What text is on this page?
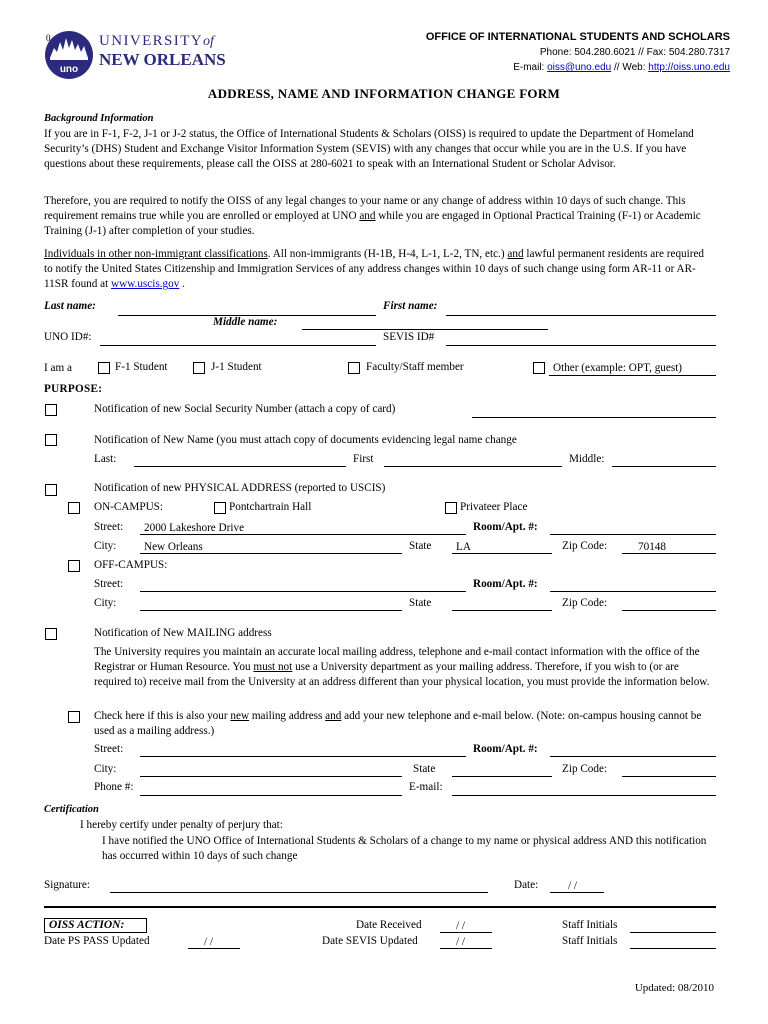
0
uno
UNIVERSITYof
NEW ORLEANS
OFFICE OF INTERNATIONAL STUDENTS AND SCHOLARS
Phone: 504.280.6021 // Fax: 504.280.7317
E-mail: oiss@uno.edu // Web: http://oiss.uno.edu
ADDRESS, NAME AND INFORMATION CHANGE FORM
Background Information
If you are in F-1, F-2, J-1 or J-2 status, the Office of International Students & Scholars (OISS) is required to update the Department of Homeland Security’s (DHS) Student and Exchange Visitor Information System (SEVIS) with any changes that occur while you are in the U.S. If you have questions about these requirements, please call the OISS at 280-6021 to speak with an International Student or Scholar Advisor.
Therefore, you are required to notify the OISS of any legal changes to your name or any change of address within 10 days of such change. This requirement remains true while you are enrolled or employed at UNO and while you are engaged in Optional Practical Training (F-1) or Academic Training (J-1) after completion of your studies.
Individuals in other non-immigrant classifications. All non-immigrants (H-1B, H-4, L-1, L-2, TN, etc.) and lawful permanent residents are required to notify the United States Citizenship and Immigration Services of any address changes within 10 days of such change using form AR-11 or AR-11SR found at www.uscis.gov .
Last name:	First name:
Middle name:
UNO ID#:	SEVIS ID#
I am a	F-1 Student	J-1 Student	Faculty/Staff member	Other (example: OPT, guest)
PURPOSE:
Notification of new Social Security Number (attach a copy of card)
Notification of New Name (you must attach copy of documents evidencing legal name change
Last:	First	Middle:
Notification of new PHYSICAL ADDRESS (reported to USCIS)
ON-CAMPUS:	Pontchartrain Hall	Privateer Place
Street:	2000 Lakeshore Drive	Room/Apt. #:
City:	New Orleans	State	LA	Zip Code:	70148
OFF-CAMPUS:
Street:	Room/Apt. #:
City:	State	Zip Code:
Notification of New MAILING address
The University requires you maintain an accurate local mailing address, telephone and e-mail contact information with the office of the Registrar or Human Resource. You must not use a University department as your mailing address. Therefore, if you wish to (or are required to) receive mail from the University at an address different than your physical location, you must provide the information below.
Check here if this is also your new mailing address and add your new telephone and e-mail below. (Note: on-campus housing cannot be used as a mailing address.)
Street:	Room/Apt. #:
City:	State	Zip Code:
Phone #:	E-mail:
Certification
I hereby certify under penalty of perjury that:
I have notified the UNO Office of International Students & Scholars of a change to my name or physical address AND this notification has occurred within 10 days of such change
Signature:	Date:	/ /
OISS ACTION:
Date PS PASS Updated	/ /
Date Received	/ /
Date SEVIS Updated	/ /
Staff Initials
Staff Initials
Updated: 08/2010
